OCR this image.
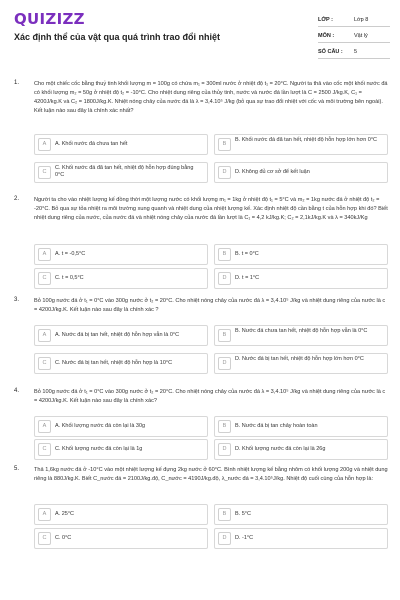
QUIZIZZ
Xác định thể của vật qua quá trình trao đổi nhiệt
LỚP :	Lớp 8
MÔN :	Vật lý
SỐ CÂU :	5
1.	Cho một chiếc cốc bằng thuỷ tinh khối lượng m = 100g có chứa m₁ = 300ml nước ở nhiệt độ t₁ = 20°C. Người ta thả vào cốc một khối nước đá có khối lượng m₂ = 50g ở nhiệt độ t₂ = -10°C. Cho nhiệt dung riêng của thủy tinh, nước và nước đá lần lượt là C = 2500 J/kg.K, C₁ = 4200J/kg.K và C₂ = 1800J/kg.K. Nhiệt nóng chảy của nước đá là λ = 3,4.10⁵ J/kg (bỏ qua sự trao đổi nhiệt với cốc và môi trường bên ngoài). Kết luận nào sau đây là chính xác nhất?
A	A. Khối nước đá chưa tan hết	B
B. Khối nước đá đã tan hết, nhiệt độ hỗn hợp lớn hơn 0°C
C
C. Khối nước đá đã tan hết, nhiệt độ hỗn hợp đúng bằng 0°C	D	D. Không đủ cơ sở để kết luận
2.	Người ta cho vào nhiệt lượng kế đồng thời một lượng nước có khối lượng m₁ = 1kg ở nhiệt độ t₁ = 5°C và m₂ = 1kg nước đá ở nhiệt độ t₂ = -20°C. Bỏ qua sự tỏa nhiệt ra môi trường xung quanh và nhiệt dung của nhiệt lượng kế. Xác định nhiệt độ cần bằng t của hỗn hợp khi đó? Biết nhiệt dung riêng của nước, của nước đá và nhiệt nóng chảy của nước đá lần lượt là C₁ = 4,2 kJ/kg.K; C₂ = 2,1kJ/kg.K và λ = 340kJ/Kg
A	A. t = -0,5°C	B	B. t = 0°C
C	C. t = 0,5°C	D	D. t = 1°C
3.	Bỏ 100g nước đá ở t₁ = 0°C vào 300g nước ở t₂ = 20°C. Cho nhiệt nóng chảy của nước đá λ = 3,4.10⁵ J/kg và nhiệt dung riêng của nước là c = 4200J/kg.K. Kết luận nào sau đây là chính xác ?
A	A. Nước đá bị tan hết, nhiệt độ hỗn hợp vẫn là 0°C	B
B. Nước đá chưa tan hết, nhiệt độ hỗn hợp vẫn là 0°C
C	C. Nước đá bị tan hết, nhiệt độ hỗn hợp là 10°C	D
D. Nước đá bị tan hết, nhiệt độ hỗn hợp lớn hơn 0°C
4.	Bỏ 100g nước đá ở t₁ = 0°C vào 300g nước ở t₂ = 20°C. Cho nhiệt nóng chảy của nước đá λ = 3,4.10⁵ J/kg và nhiệt dung riêng của nước là c = 4200J/kg.K. Kết luận nào sau đây là chính xác?
A	A. Khối lượng nước đá còn lại là 30g	B	B. Nước đá bị tan chảy hoàn toàn
C	C. Khối lượng nước đá còn lại là 1g	D	D. Khối lượng nước đá còn lại là 26g
5.	Thả 1,6kg nước đá ở -10°C vào một nhiệt lượng kế đựng 2kg nước ở 60°C. Bình nhiệt lượng kế bằng nhôm có khối lượng 200g và nhiệt dung riêng là 880J/kg.K. Biết C_nước đá = 2100J/kg.độ, C_nước = 4190J/kg.độ, λ_nước đá = 3,4.10⁵J/kg. Nhiệt độ cuối cùng của hỗn hợp là:
A	A. 25°C	B	B. 5°C
C	C. 0°C	D	D. -1°C
